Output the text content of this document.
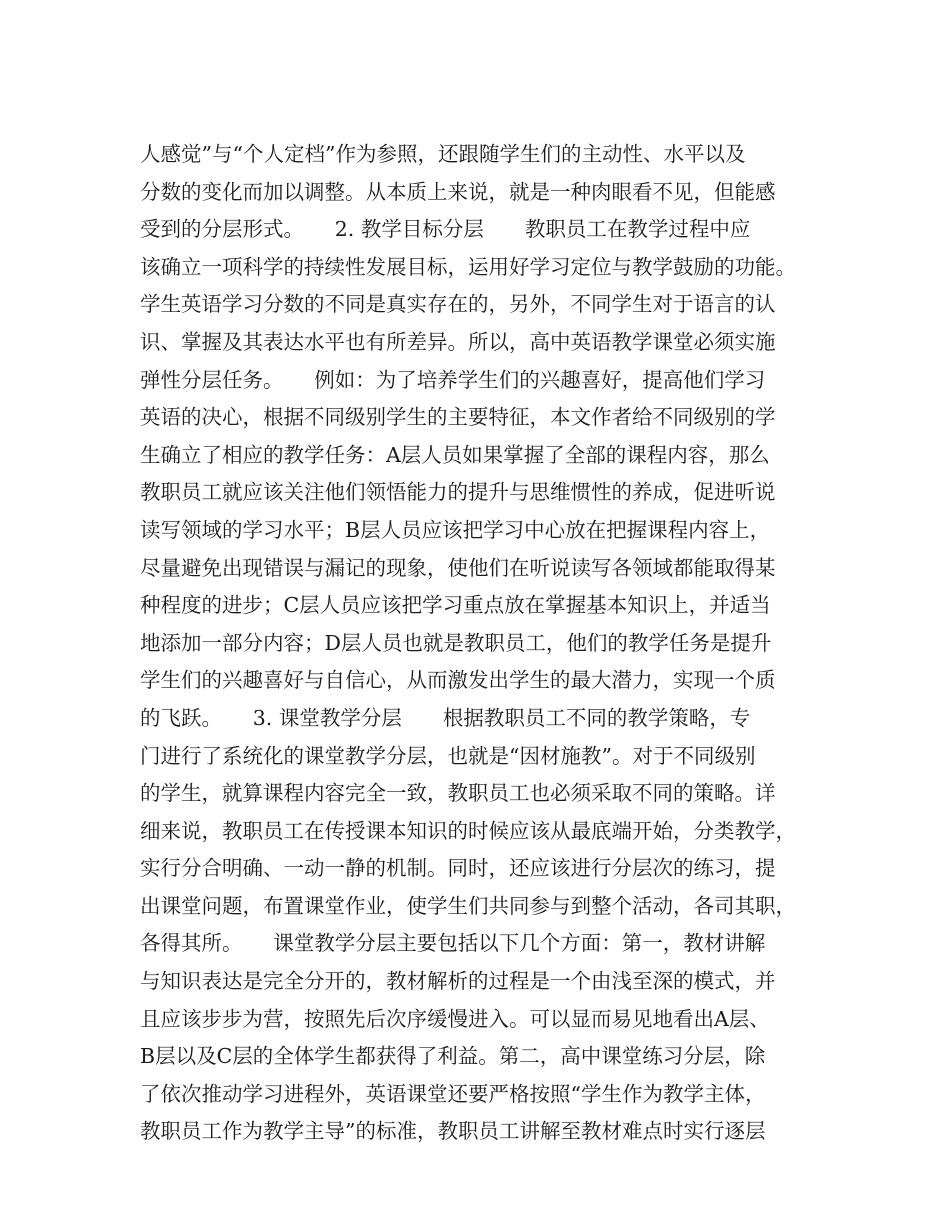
人感觉”与“个人定档”作为参照，还跟随学生们的主动性、水平以及
分数的变化而加以调整。从本质上来说，就是一种肉眼看不见，但能感
受到的分层形式。　　2. 教学目标分层　　教职员工在教学过程中应
该确立一项科学的持续性发展目标，运用好学习定位与教学鼓励的功能。
学生英语学习分数的不同是真实存在的，另外，不同学生对于语言的认
识、掌握及其表达水平也有所差异。所以，高中英语教学课堂必须实施
弹性分层任务。　　例如：为了培养学生们的兴趣喜好，提高他们学习
英语的决心，根据不同级别学生的主要特征，本文作者给不同级别的学
生确立了相应的教学任务：A层人员如果掌握了全部的课程内容，那么
教职员工就应该关注他们领悟能力的提升与思维惯性的养成，促进听说
读写领域的学习水平；B层人员应该把学习中心放在把握课程内容上，
尽量避免出现错误与漏记的现象，使他们在听说读写各领域都能取得某
种程度的进步；C层人员应该把学习重点放在掌握基本知识上，并适当
地添加一部分内容；D层人员也就是教职员工，他们的教学任务是提升
学生们的兴趣喜好与自信心，从而激发出学生的最大潜力，实现一个质
的飞跃。　　3. 课堂教学分层　　根据教职员工不同的教学策略，专
门进行了系统化的课堂教学分层，也就是“因材施教”。对于不同级别
的学生，就算课程内容完全一致，教职员工也必须采取不同的策略。详
细来说，教职员工在传授课本知识的时候应该从最底端开始，分类教学，
实行分合明确、一动一静的机制。同时，还应该进行分层次的练习，提
出课堂问题，布置课堂作业，使学生们共同参与到整个活动，各司其职，
各得其所。　　课堂教学分层主要包括以下几个方面：第一，教材讲解
与知识表达是完全分开的，教材解析的过程是一个由浅至深的模式，并
且应该步步为营，按照先后次序缓慢进入。可以显而易见地看出A层、
B层以及C层的全体学生都获得了利益。第二，高中课堂练习分层，除
了依次推动学习进程外，英语课堂还要严格按照“学生作为教学主体，
教职员工作为教学主导”的标准，教职员工讲解至教材难点时实行逐层
